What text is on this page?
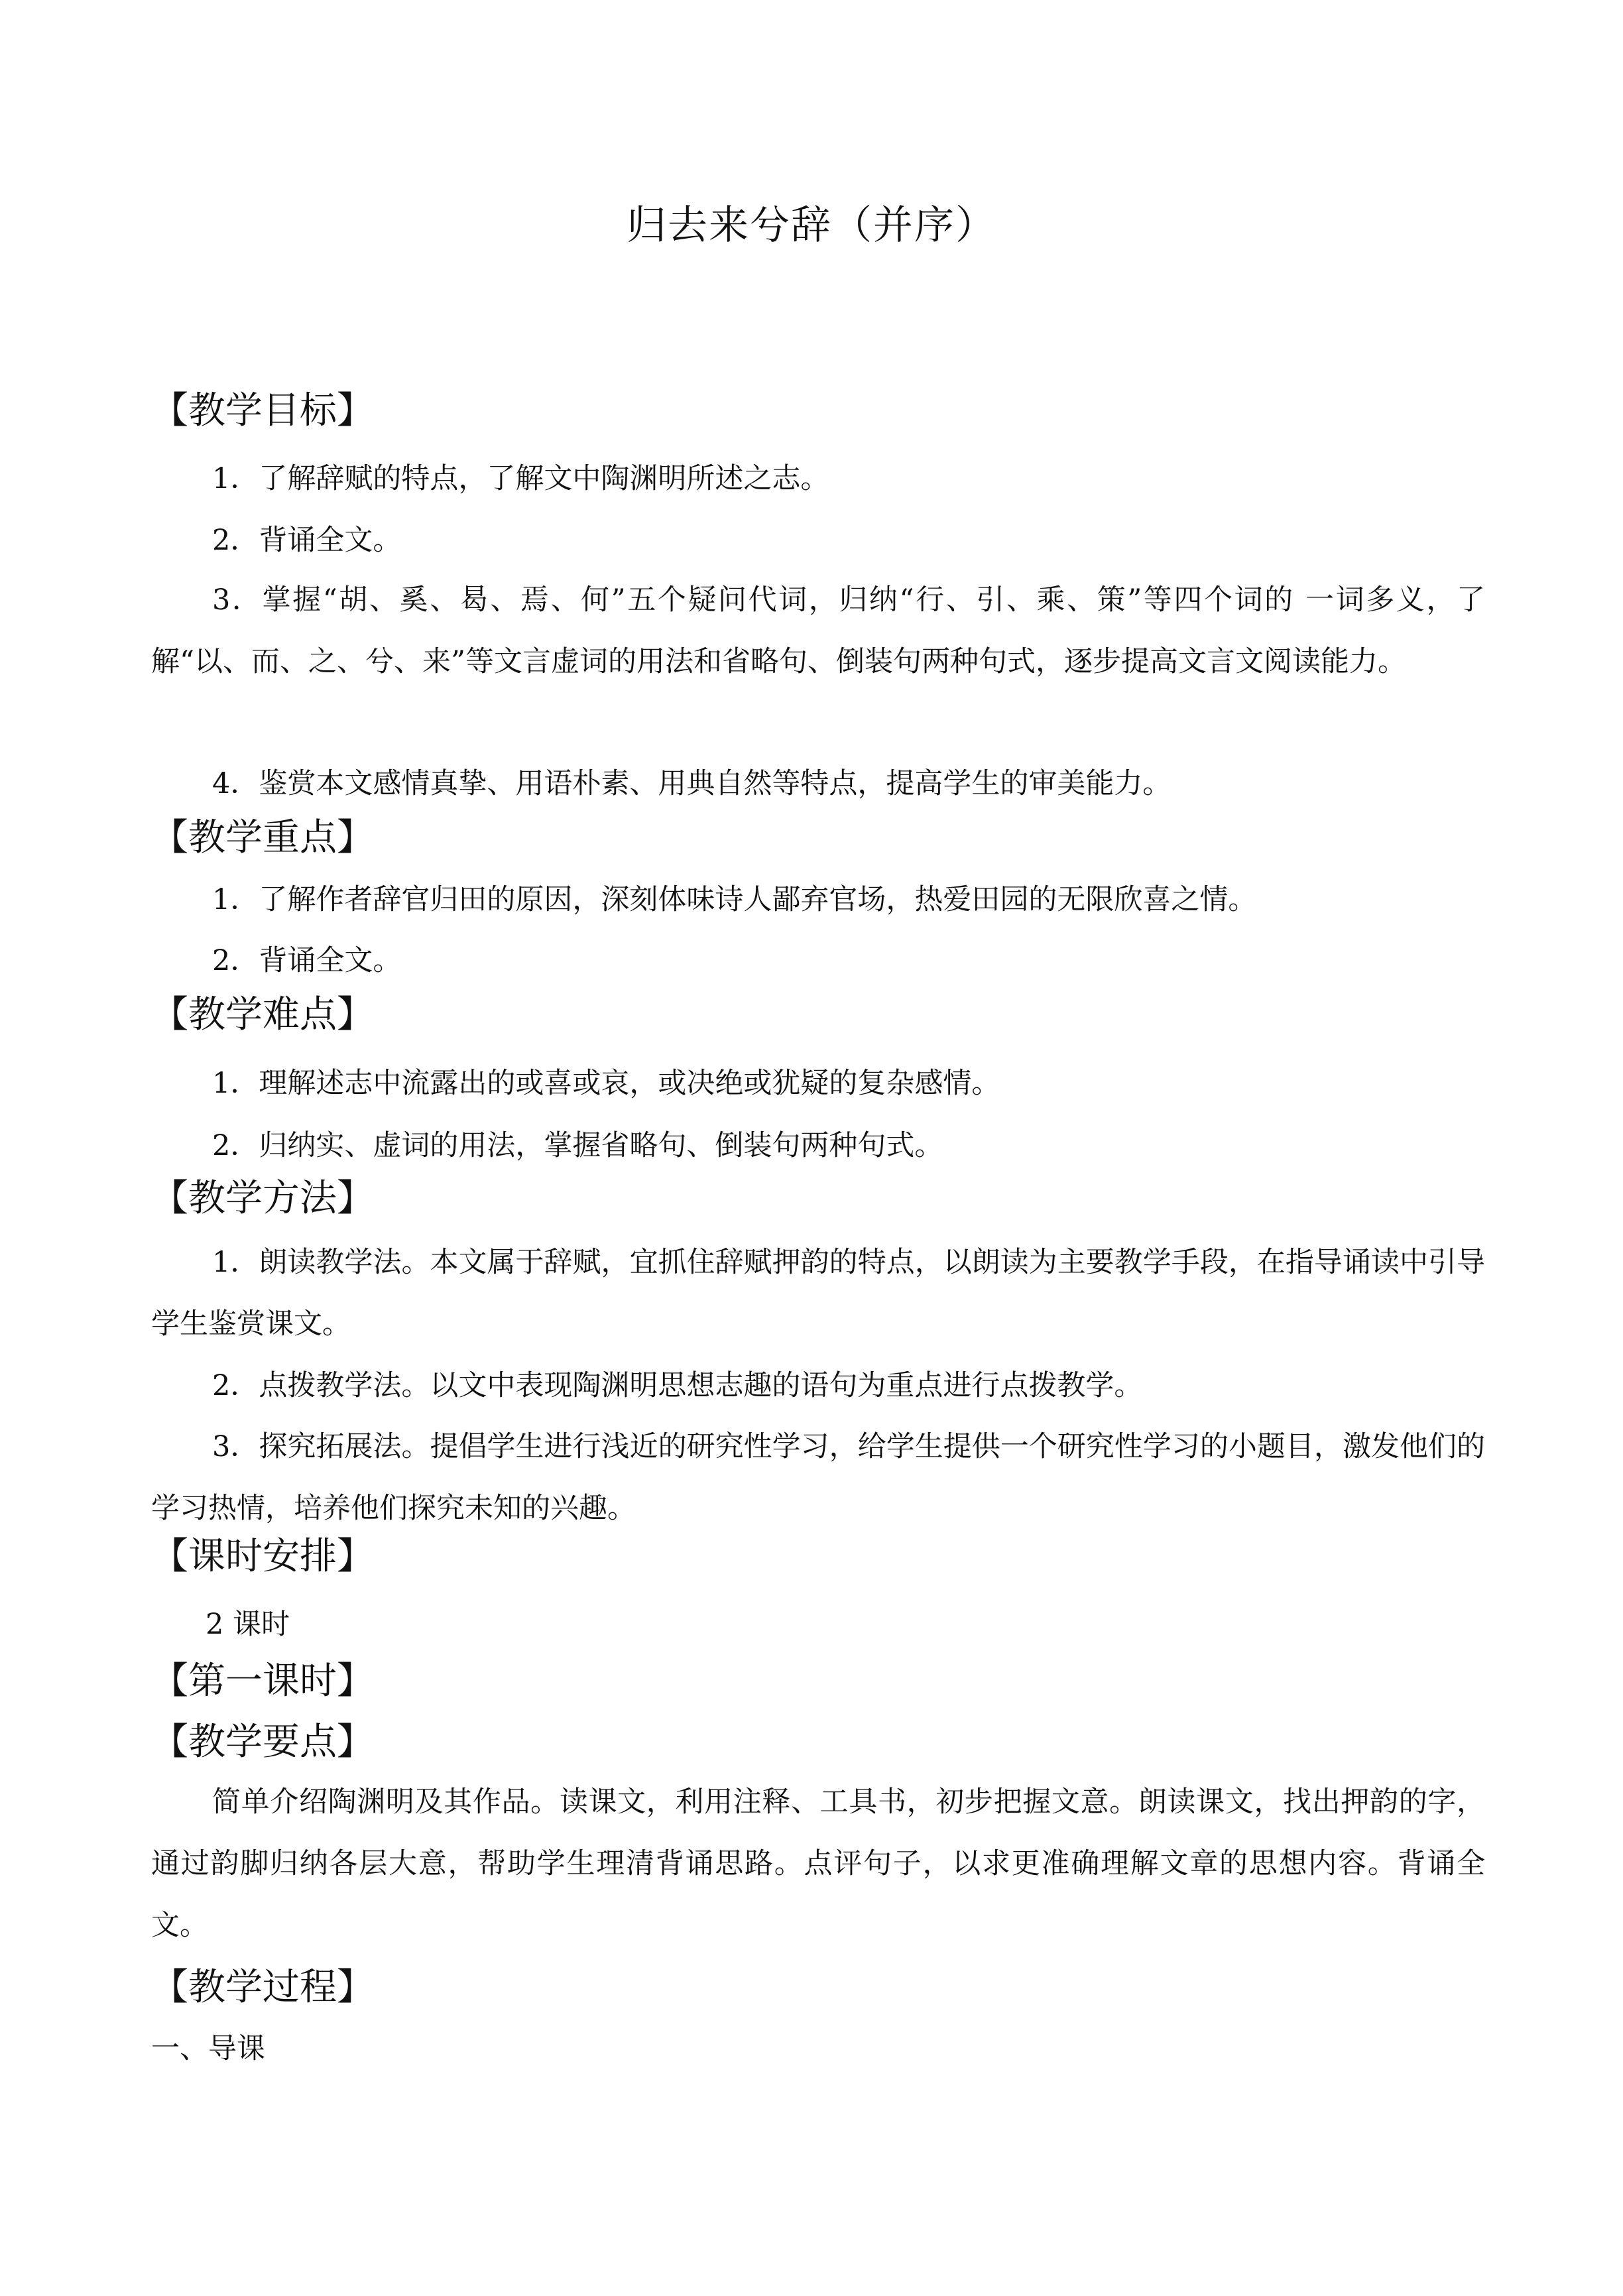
归去来兮辞（并序）
【教学目标】
1．了解辞赋的特点，了解文中陶渊明所述之志。
2．背诵全文。
3．掌握“胡、奚、曷、焉、何”五个疑问代词，归纳“行、引、乘、策”等四个词的 一词多义，了解“以、而、之、兮、来”等文言虚词的用法和省略句、倒装句两种句式，逐步提高文言文阅读能力。
4．鉴赏本文感情真挚、用语朴素、用典自然等特点，提高学生的审美能力。
【教学重点】
1．了解作者辞官归田的原因，深刻体味诗人鄙弃官场，热爱田园的无限欣喜之情。
2．背诵全文。
【教学难点】
1．理解述志中流露出的或喜或哀，或决绝或犹疑的复杂感情。
2．归纳实、虚词的用法，掌握省略句、倒装句两种句式。
【教学方法】
1．朗读教学法。本文属于辞赋，宜抓住辞赋押韵的特点，以朗读为主要教学手段，在指导诵读中引导学生鉴赏课文。
2．点拨教学法。以文中表现陶渊明思想志趣的语句为重点进行点拨教学。
3．探究拓展法。提倡学生进行浅近的研究性学习，给学生提供一个研究性学习的小题目，激发他们的学习热情，培养他们探究未知的兴趣。
【课时安排】
2 课时
【第一课时】
【教学要点】
简单介绍陶渊明及其作品。读课文，利用注释、工具书，初步把握文意。朗读课文，找出押韵的字，通过韵脚归纳各层大意，帮助学生理清背诵思路。点评句子，以求更准确理解文章的思想内容。背诵全文。
【教学过程】
一、导课
